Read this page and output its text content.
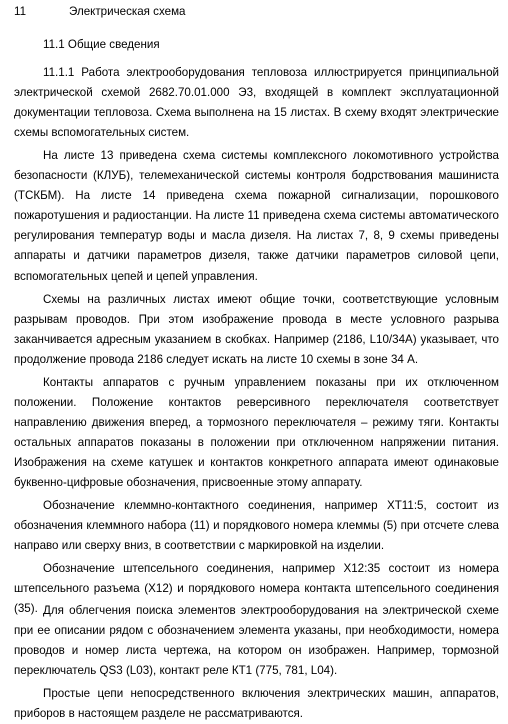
11	Электрическая схема
11.1 Общие сведения

11.1.1 Работа электрооборудования тепловоза иллюстрируется принципиальной электрической схемой 2682.70.01.000 Э3, входящей в комплект эксплуатационной документации тепловоза. Схема выполнена на 15 листах. В схему входят электрические схемы вспомогательных систем.

На листе 13 приведена схема системы комплексного локомотивного устройства безопасности (КЛУБ), телемеханической системы контроля бодрствования машиниста (ТСКБМ). На листе 14 приведена схема пожарной сигнализации, порошкового пожаротушения и радиостанции. На листе 11 приведена схема системы автоматического регулирования температур воды и масла дизеля. На листах 7, 8, 9 схемы приведены аппараты и датчики параметров дизеля, также датчики параметров силовой цепи, вспомогательных цепей и цепей управления.

Схемы на различных листах имеют общие точки, соответствующие условным разрывам проводов. При этом изображение провода в месте условного разрыва заканчивается адресным указанием в скобках. Например (2186, L10/34A) указывает, что продолжение провода 2186 следует искать на листе 10 схемы в зоне 34 А.

Контакты аппаратов с ручным управлением показаны при их отключенном положении. Положение контактов реверсивного переключателя соответствует направлению движения вперед, а тормозного переключателя – режиму тяги. Контакты остальных аппаратов показаны в положении при отключенном напряжении питания. Изображения на схеме катушек и контактов конкретного аппарата имеют одинаковые буквенно-цифровые обозначения, присвоенные этому аппарату.

Обозначение клеммно-контактного соединения, например ХТ11:5, состоит из обозначения клеммного набора (11) и порядкового номера клеммы (5) при отсчете слева направо или сверху вниз, в соответствии с маркировкой на изделии.

Обозначение штепсельного соединения, например Х12:35 состоит из номера штепсельного разъема (Х12) и порядкового номера контакта штепсельного соединения (35). Для облегчения поиска элементов электрооборудования на электрической схеме при ее описании рядом с обозначением элемента указаны, при необходимости, номера проводов и номер листа чертежа, на котором он изображен. Например, тормозной переключатель QS3 (L03), контакт реле КТ1 (775, 781, L04).

Простые цепи непосредственного включения электрических машин, аппаратов, приборов в настоящем разделе не рассматриваются.
